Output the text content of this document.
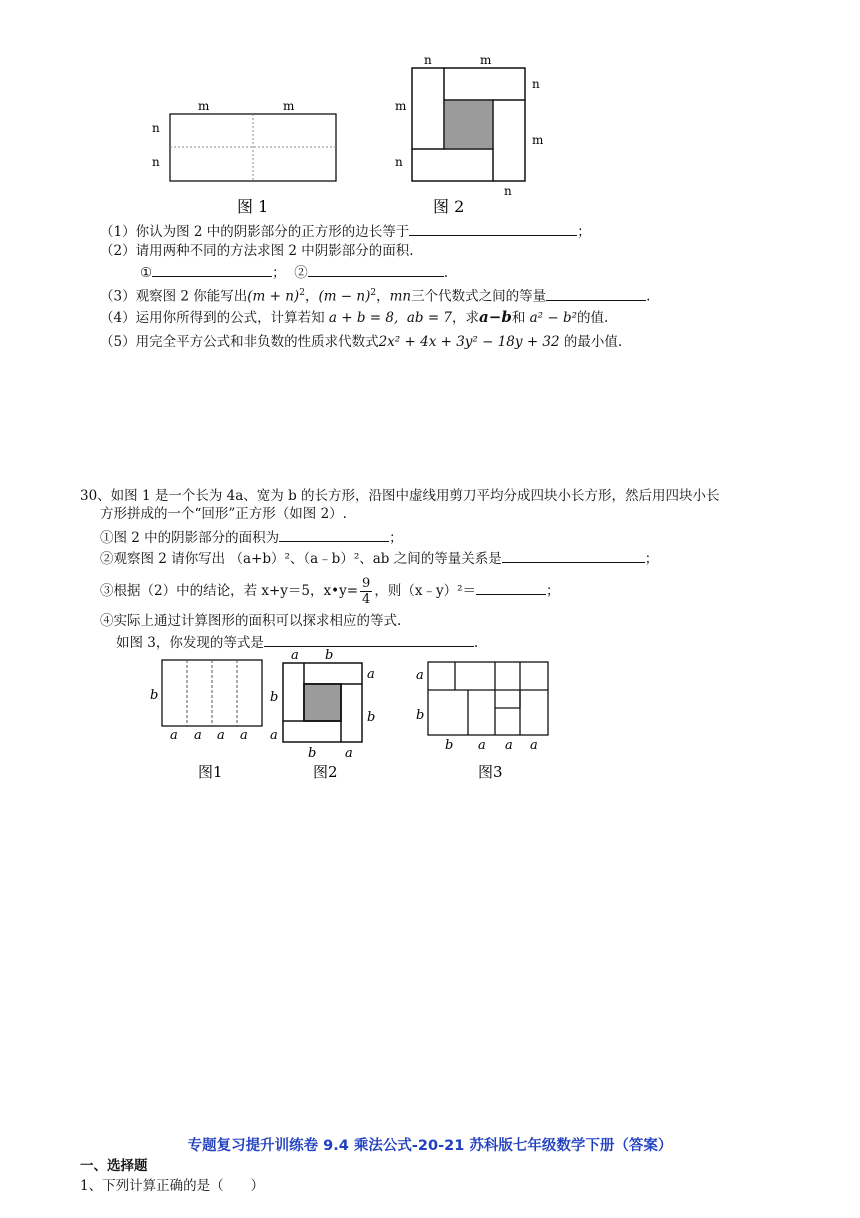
m	m
n
n
图 1
n	m
m
n
n
m
n
图 2
（1）你认为图 2 中的阴影部分的正方形的边长等于	；
（2）请用两种不同的方法求图 2 中阴影部分的面积.
①	； ②	.
（3）观察图 2 你能写出$(m + n)^2$，$(m - n)^2$，mn三个代数式之间的等量	.
（4）运用你所得到的公式，计算若知 a + b = 8, ab = 7，求a−b和 a² − b²的值.
（5）用完全平方公式和非负数的性质求代数式2x² + 4x + 3y² − 18y + 32 的最小值.
30、如图 1 是一个长为 4a、宽为 b 的长方形，沿图中虚线用剪刀平均分成四块小长方形，然后用四块小长
方形拼成的一个“回形”正方形（如图 2）.
①图 2 中的阴影部分的面积为	；
②观察图 2 请你写出 （a+b）²、（a﹣b）²、ab 之间的等量关系是	；
③根据（2）中的结论，若 x+y＝5，x•y= $\frac{9}{4}$ ，则（x﹣y）²＝	；
④实际上通过计算图形的面积可以探求相应的等式.
如图 3，你发现的等式是	.
b
a a a a
图1
a b
b
a
a
b
b a
图2
a
b
b a a a
图3
专题复习提升训练卷 9.4 乘法公式-20-21 苏科版七年级数学下册（答案）
一、选择题
1、下列计算正确的是（　　）
